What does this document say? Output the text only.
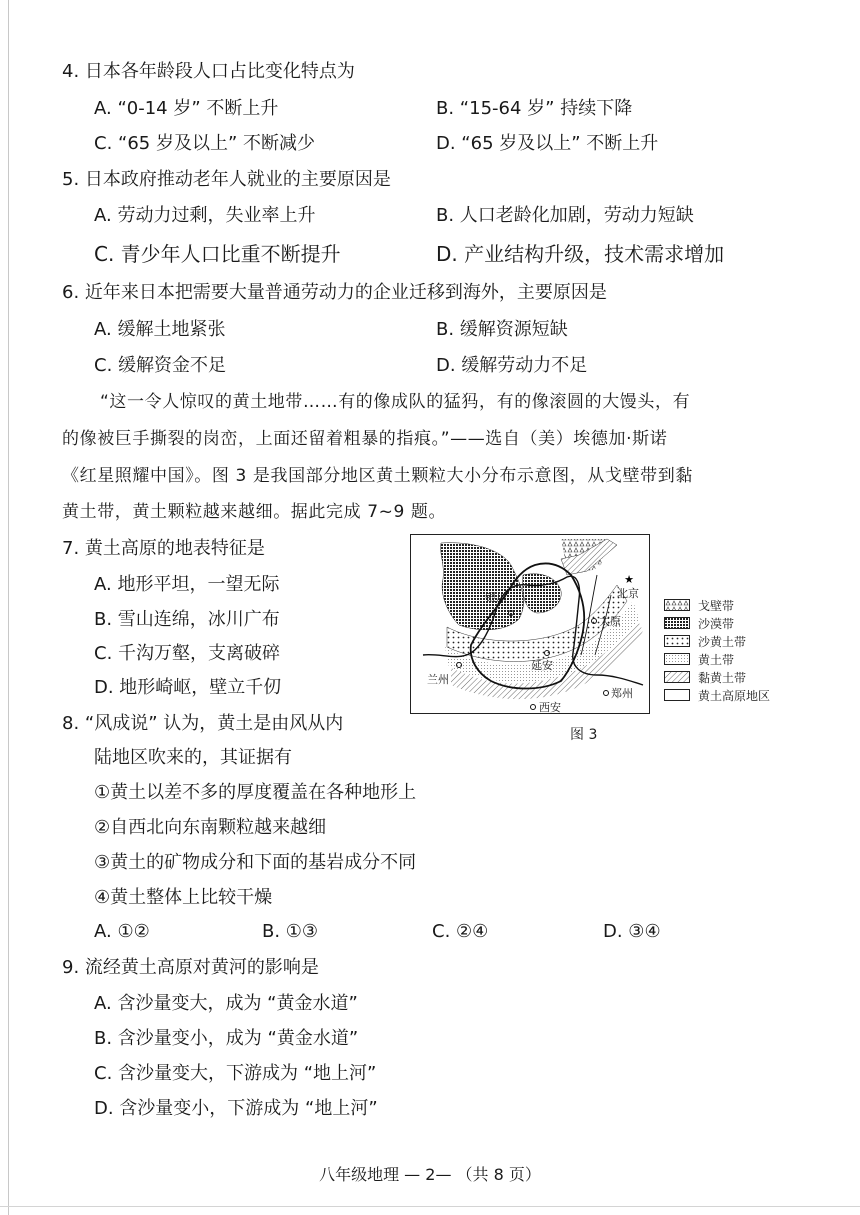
4. 日本各年龄段人口占比变化特点为
A. “0-14 岁” 不断上升	B. “15-64 岁” 持续下降
C. “65 岁及以上” 不断减少	D. “65 岁及以上” 不断上升
5. 日本政府推动老年人就业的主要原因是
A. 劳动力过剩，失业率上升	B. 人口老龄化加剧，劳动力短缺
C. 青少年人口比重不断提升	D. 产业结构升级，技术需求增加
6. 近年来日本把需要大量普通劳动力的企业迁移到海外，主要原因是
A. 缓解土地紧张	B. 缓解资源短缺
C. 缓解资金不足	D. 缓解劳动力不足
“这一令人惊叹的黄土地带……有的像成队的猛犸，有的像滚圆的大馒头，有
的像被巨手撕裂的岗峦，上面还留着粗暴的指痕。”——选自（美）埃德加·斯诺
《红星照耀中国》。图 3 是我国部分地区黄土颗粒大小分布示意图，从戈壁带到黏
黄土带，黄土颗粒越来越细。据此完成 7~9 题。
7. 黄土高原的地表特征是
A. 地形平坦，一望无际
B. 雪山连绵，冰川广布
C. 千沟万壑，支离破碎
D. 地形崎岖，壁立千仞
8. “风成说” 认为，黄土是由风从内
陆地区吹来的，其证据有
①黄土以差不多的厚度覆盖在各种地形上
②自西北向东南颗粒越来越细
③黄土的矿物成分和下面的基岩成分不同
④黄土整体上比较干燥
A. ①②	B. ①③	C. ②④	D. ③④
9. 流经黄土高原对黄河的影响是
A. 含沙量变大，成为 “黄金水道”
B. 含沙量变小，成为 “黄金水道”
C. 含沙量变大，下游成为 “地上河”
D. 含沙量变小，下游成为 “地上河”
★
北京
银川
太原
延安
兰州
郑州
西安
戈壁带
沙漠带
沙黄土带
黄土带
黏黄土带
黄土高原地区
图 3
八年级地理 — 2— （共 8 页）
